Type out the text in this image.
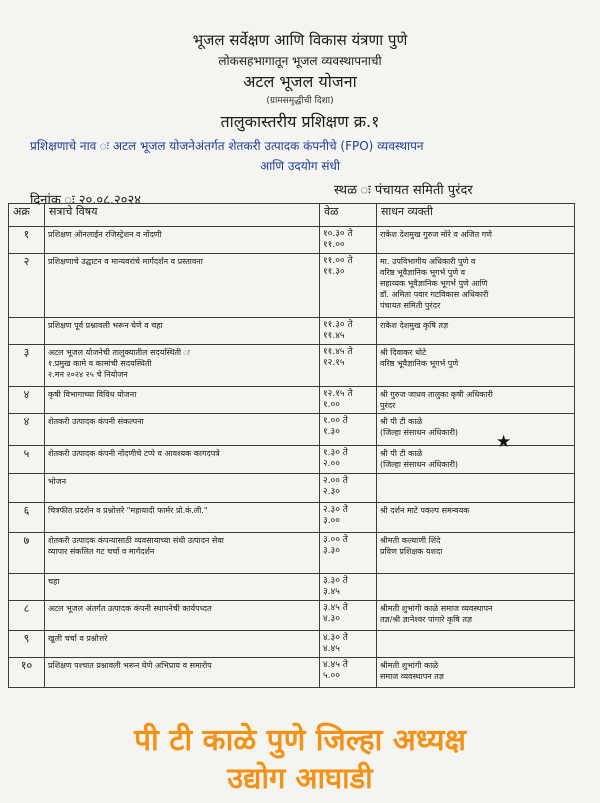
भूजल सर्वेक्षण आणि विकास यंत्रणा पुणे
लोकसहभागातून भूजल व्यवस्थापनाची
अटल भूजल योजना
(ग्रामसमृद्धीची दिशा)
तालुकास्तरीय प्रशिक्षण क्र.१
प्रशिक्षणाचे नाव ः अटल भूजल योजनेअंतर्गत शेतकरी उत्पादक कंपनीचे (FPO) व्यवस्थापन
आणि उदयोग संधी
दिनांक ः २०.०८.२०२४
स्थळ ः पंचायत समिती पुरंदर
अक्र	सत्राचे विषय	वेळ	साधन व्यक्ती
१	प्रशिक्षण ऑनलाईन रजिस्ट्रेशन व नोंदणी	१०.३० ते
११.००	राकेश देशमुख गुरुज मोरे व अजित गणे
२	प्रशिक्षणाचे उद्घाटन व मान्यवरांचे मार्गदर्शन व प्रस्तावना	११.०० ते
११.३०	मा. उपविभागीय अधिकारी पुणे व
वरिष्ठ भूवैज्ञानिक भूगर्भ पुणे व
सहाय्यक भूवैज्ञानिक भूगर्भ पुणे आणि
डॉ. अमिता पवार गटविकास अधिकारी
पंचायत समिती पुरंदर
	प्रशिक्षण पूर्व प्रश्नावली भरून घेणे व चहा	११.३० ते
११.४५	राकेश देशमुख कृषि तज्ञ
३	अटल भूजल योजनेची तालुक्यातील सदयस्थिती ः
१.प्रमुख कामे व कामांची सदयस्थिती
२.मन २०२४ २५ चे नियोजन	११.४५ ते
१२.१५	श्री दिवाकर धोटे
वरिष्ठ भूवैज्ञानिक भूगर्भ पुणे
४	कृषी विभागाच्या विविध योजना	१२.१५ ते
१.००	श्री गुरुज जाधव तालुका कृषी अधिकारी
पुरंदर
४	शेतकरी उत्पादक कंपनी संकल्पना	१.०० ते
१.३०	श्री पी टी काळे
(जिल्हा संसाधन अधिकारी)
५	शेतकरी उत्पादक कंपनी नोंदणीचे टप्पे व आवश्यक कागदपत्रे	१.३० ते
२.००	श्री पी टी काळे
(जिल्हा संसाधन अधिकारी)
	भोजन	२.०० ते
२.३०	
६	चित्रफीत प्रदर्शन व प्रश्नोत्तरे "महायादी फार्मर प्रो.कं.ली."	२.३० ते
३.००	श्री दर्शन माटे पकल्प समन्वयक
७	शेतकरी उत्पादक कंपन्यासाठी व्यवसायाच्या संधी उत्पादन सेवा
व्यापार संकलित गट चर्चा व मार्गदर्शन	३.०० ते
३.३०	श्रीमती कल्याणी शिंदे
प्रविण प्रशिक्षक यशदा
	चहा	३.३० ते
३.४५	
८	अटल भूजल अंतर्गत उत्पादक कंपनी स्थापनेची कार्यपध्दत	३.४५ ते
४.३०	श्रीमती शुभांगी काळे समाज व्यवस्थापन
तज्ञ/श्री ज्ञानेश्वर पांगारे कृषि तज्ञ
९	खुली चर्चा व प्रश्नोत्तरे	४.३० ते
४.४५	
१०	प्रशिक्षण पश्चात प्रश्नावली भरून घेणे अभिप्राय व समारोप	४.४५ ते
५.००	श्रीमती शुभांगी काळे
समाज व्यवस्थापन तज्ञ
★
पी टी काळे पुणे जिल्हा अध्यक्ष
उद्योग आघाडी
